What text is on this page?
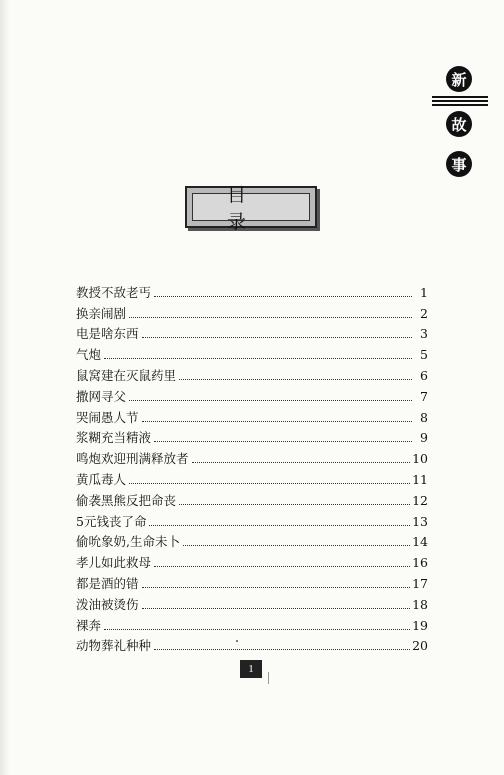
新
故
事
目录
教授不敌老丐	1
换亲闹剧	2
电是啥东西	3
气炮	5
鼠窝建在灭鼠药里	6
撒网寻父	7
哭闹愚人节	8
浆糊充当精液	9
鸣炮欢迎刑满释放者	10
黄瓜毒人	11
偷袭黑熊反把命丧	12
5元钱丧了命	13
偷吮象奶,生命未卜	14
孝儿如此救母	16
都是酒的错	17
泼油被烫伤	18
裸奔	19
动物葬礼种种	20
1
